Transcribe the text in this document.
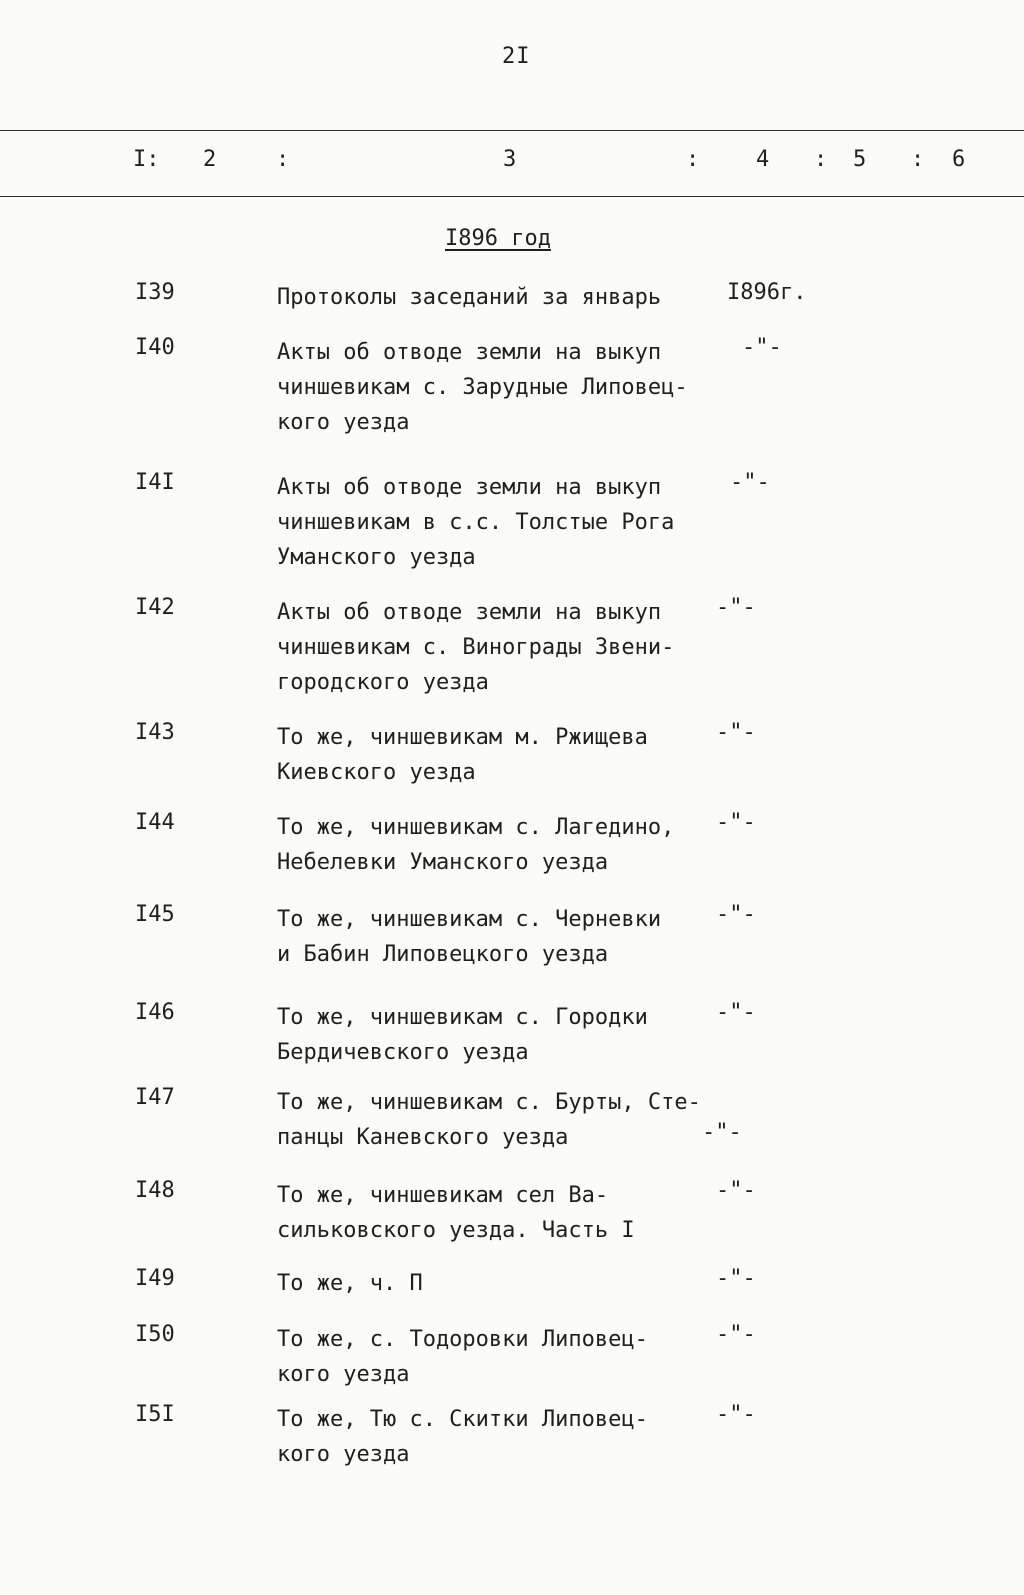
2I
I: 2	:	3	:	4 : 5 : 6
I896 год
I39	Протоколы заседаний за январь	I896г.
I40	Акты об отводе земли на выкуп
чиншевикам с. Зарудные Липовец-
кого уезда
-"-
I4I	Акты об отводе земли на выкуп
чиншевикам в с.с. Толстые Рога
Уманского уезда
-"-
I42	Акты об отводе земли на выкуп
чиншевикам с. Винограды Звени-
городского уезда
-"-
I43	То же, чиншевикам м. Ржищева
Киевского уезда
-"-
I44	То же, чиншевикам с. Лагедино,
Небелевки Уманского уезда
-"-
I45	То же, чиншевикам с. Черневки
и Бабин Липовецкого уезда
-"-
I46	То же, чиншевикам с. Городки
Бердичевского уезда
-"-
I47	То же, чиншевикам с. Бурты, Сте-
панцы Каневского уезда	-"-
I48	То же, чиншевикам сел Ва-
сильковского уезда. Часть I
-"-
I49	То же, ч. П	-"-
I50	То же, с. Тодоровки Липовец-
кого уезда
-"-
I5I	То же, Тю с. Скитки Липовец-
кого уезда
-"-
